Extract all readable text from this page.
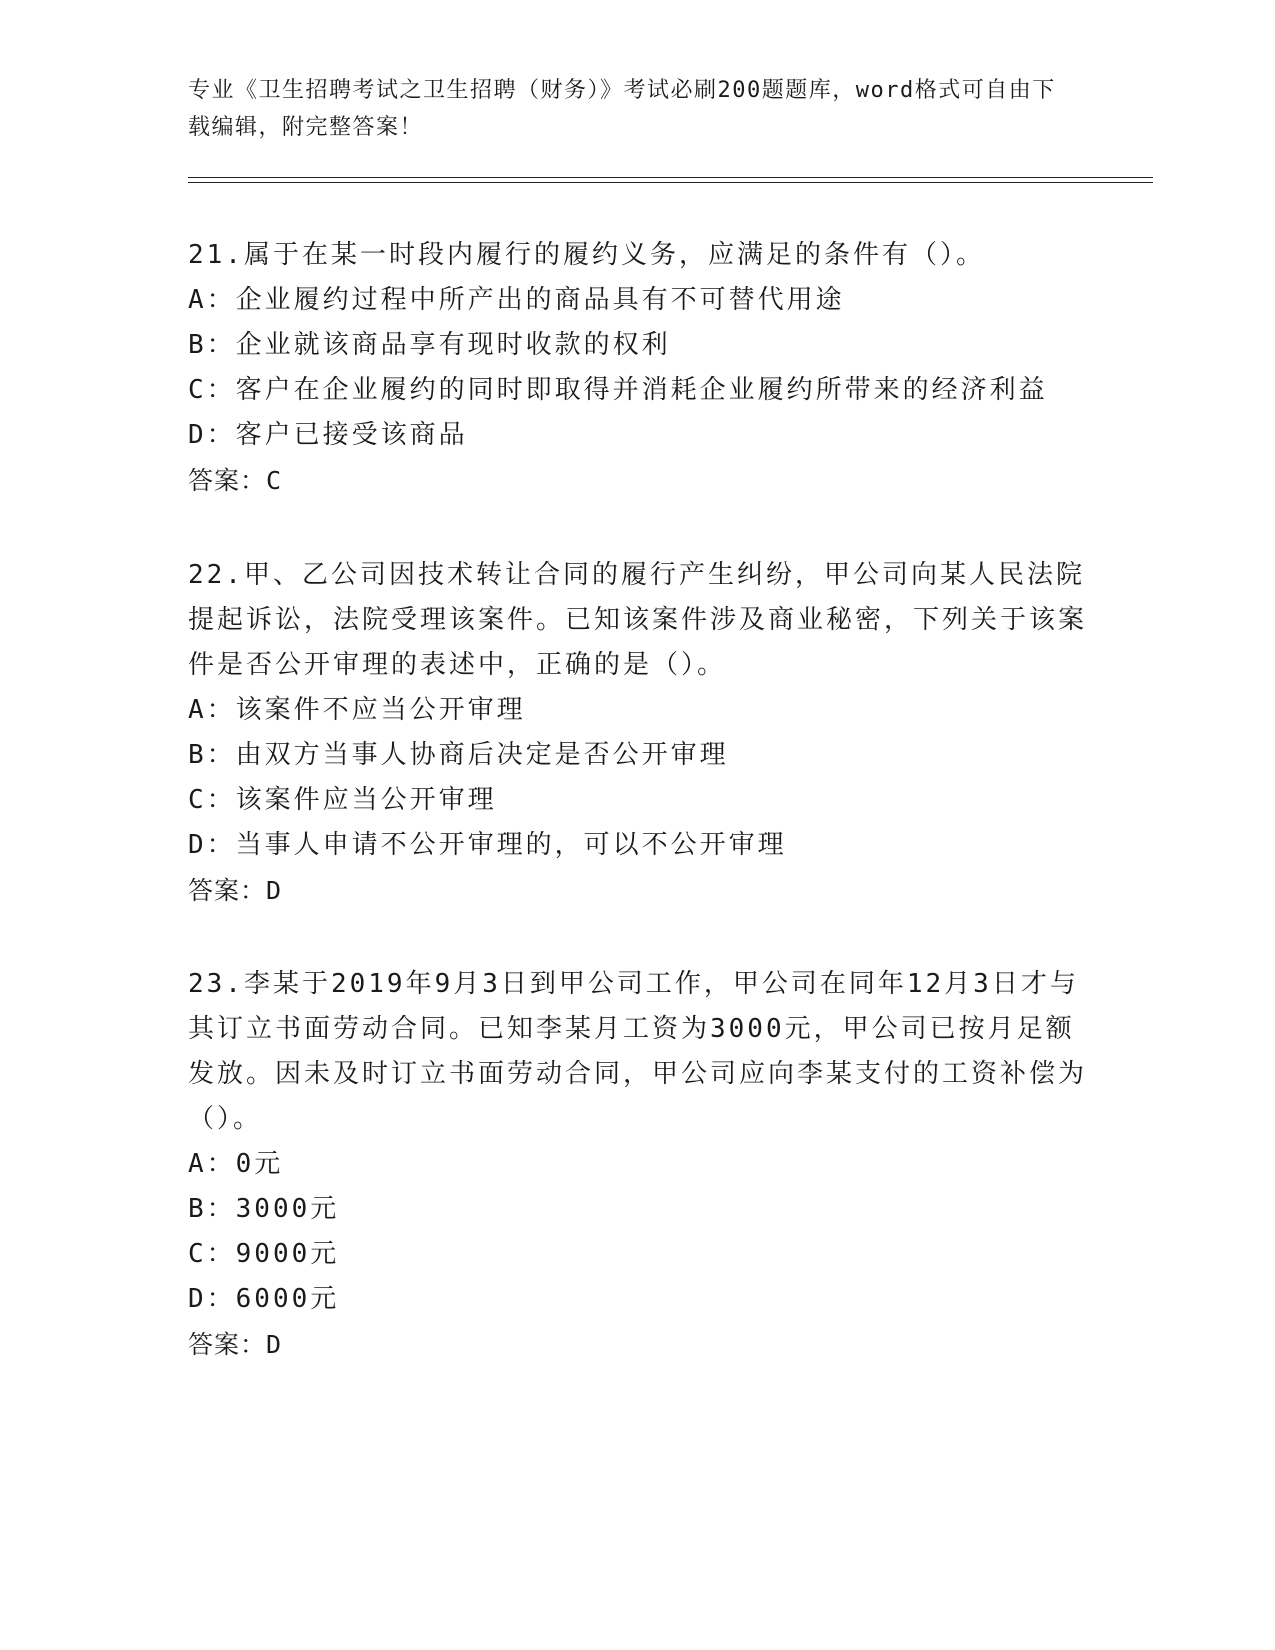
专业《卫生招聘考试之卫生招聘（财务）》考试必刷200题题库，word格式可自由下载编辑，附完整答案！

21.属于在某一时段内履行的履约义务，应满足的条件有（）。

A：企业履约过程中所产出的商品具有不可替代用途

B：企业就该商品享有现时收款的权利

C：客户在企业履约的同时即取得并消耗企业履约所带来的经济利益

D：客户已接受该商品

答案：C

22.甲、乙公司因技术转让合同的履行产生纠纷，甲公司向某人民法院提起诉讼，法院受理该案件。已知该案件涉及商业秘密，下列关于该案件是否公开审理的表述中，正确的是（）。

A：该案件不应当公开审理

B：由双方当事人协商后决定是否公开审理

C：该案件应当公开审理

D：当事人申请不公开审理的，可以不公开审理

答案：D

23.李某于2019年9月3日到甲公司工作，甲公司在同年12月3日才与其订立书面劳动合同。已知李某月工资为3000元，甲公司已按月足额发放。因未及时订立书面劳动合同，甲公司应向李某支付的工资补偿为（）。

A：0元

B：3000元

C：9000元

D：6000元

答案：D
